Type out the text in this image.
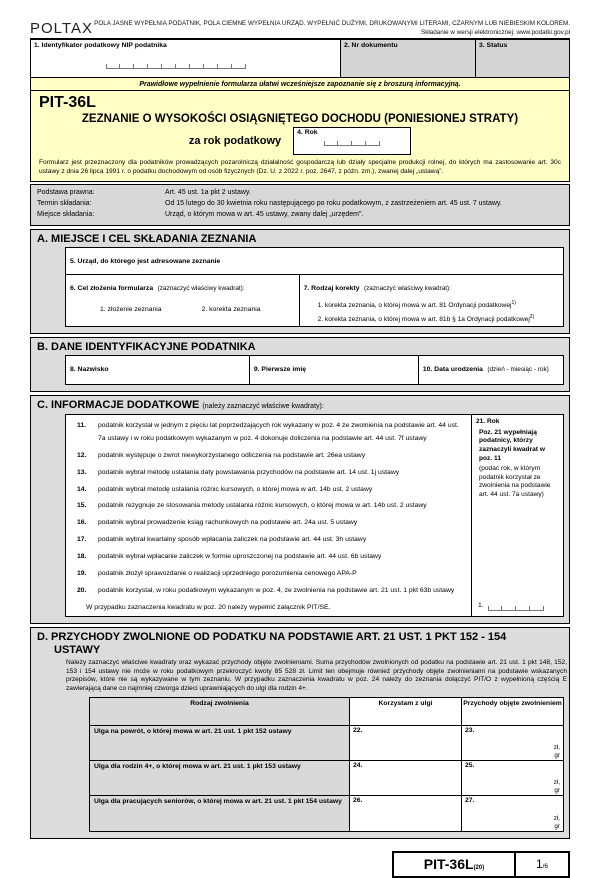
POLTAX POLA JASNE WYPEŁNIA PODATNIK, POLA CIEMNE WYPEŁNIA URZĄD. WYPEŁNIĆ DUŻYMI, DRUKOWANYMI LITERAMI, CZARNYM LUB NIEBIESKIM KOLOREM.
Składanie w wersji elektronicznej: www.podatki.gov.pl
1. Identyfikator podatkowy NIP podatnika	2. Nr dokumentu	3. Status
Prawidłowe wypełnienie formularza ułatwi wcześniejsze zapoznanie się z broszurą informacyjną.
PIT-36L
ZEZNANIE O WYSOKOŚCI OSIĄGNIĘTEGO DOCHODU (PONIESIONEJ STRATY)
za rok podatkowy
4. Rok
Formularz jest przeznaczony dla podatników prowadzących pozarolniczą działalność gospodarczą lub działy specjalne produkcji rolnej, do których ma zastosowanie art. 30c ustawy z dnia 26 lipca 1991 r. o podatku dochodowym od osób fizycznych (Dz. U. z 2022 r. poz. 2647, z późn. zm.), zwanej dalej „ustawą”.
Podstawa prawna:	Art. 45 ust. 1a pkt 2 ustawy.
Termin składania:	Od 15 lutego do 30 kwietnia roku następującego po roku podatkowym, z zastrzeżeniem art. 45 ust. 7 ustawy.
Miejsce składania:	Urząd, o którym mowa w art. 45 ustawy, zwany dalej „urzędem”.
A. MIEJSCE I CEL SKŁADANIA ZEZNANIA
5. Urząd, do którego jest adresowane zeznanie
6. Cel złożenia formularza (zaznaczyć właściwy kwadrat):
1. złożenie zeznania	2. korekta zeznania
7. Rodzaj korekty (zaznaczyć właściwy kwadrat):
1. korekta zeznania, o której mowa w art. 81 Ordynacji podatkowej$^{1)}$
2. korekta zeznania, o której mowa w art. 81b § 1a Ordynacji podatkowej$^{2)}$
B. DANE IDENTYFIKACYJNE PODATNIKA
8. Nazwisko	9. Pierwsze imię	10. Data urodzenia (dzień - miesiąc - rok)
C. INFORMACJE DODATKOWE (należy zaznaczyć właściwe kwadraty):
11.	podatnik korzystał w jednym z pięciu lat poprzedzających rok wykazany w poz. 4 ze zwolnienia na podstawie art. 44 ust. 7a ustawy i w roku podatkowym wykazanym w poz. 4 dokonuje doliczenia na podstawie art. 44 ust. 7f ustawy
12.	podatnik występuje o zwrot niewykorzystanego odliczenia na podstawie art. 26ea ustawy
13.	podatnik wybrał metodę ustalania daty powstawania przychodów na podstawie art. 14 ust. 1j ustawy
14.	podatnik wybrał metodę ustalania różnic kursowych, o której mowa w art. 14b ust. 2 ustawy
15.	podatnik rezygnuje ze stosowania metody ustalania różnic kursowych, o której mowa w art. 14b ust. 2 ustawy
16.	podatnik wybrał prowadzenie ksiąg rachunkowych na podstawie art. 24a ust. 5 ustawy
17.	podatnik wybrał kwartalny sposób wpłacania zaliczek na podstawie art. 44 ust. 3h ustawy
18.	podatnik wybrał wpłacanie zaliczek w formie uproszczonej na podstawie art. 44 ust. 6b ustawy
19.	podatnik złożył sprawozdanie o realizacji uprzedniego porozumienia cenowego APA-P
20.	podatnik korzystał, w roku podatkowym wykazanym w poz. 4, ze zwolnienia na podstawie art. 21 ust. 1 pkt 63b ustawy
W przypadku zaznaczenia kwadratu w poz. 20 należy wypełnić załącznik PIT/SE.
21. Rok
Poz. 21 wypełniają podatnicy, którzy zaznaczyli kwadrat w poz. 11
(podać rok, w którym podatnik korzystał ze zwolnienia na podstawie art. 44 ust. 7a ustawy)
1.
D. PRZYCHODY ZWOLNIONE OD PODATKU NA PODSTAWIE ART. 21 UST. 1 PKT 152 - 154
USTAWY
Należy zaznaczyć właściwe kwadraty oraz wykazać przychody objęte zwolnieniami. Suma przychodów zwolnionych od podatku na podstawie art. 21 ust. 1 pkt 148, 152, 153 i 154 ustawy nie może w roku podatkowym przekroczyć kwoty 85 528 zł. Limit ten obejmuje również przychody objęte zwolnieniami na podstawie wskazanych przepisów, które nie są wykazywane w tym zeznaniu. W przypadku zaznaczenia kwadratu w poz. 24 należy do zeznania dołączyć PIT/O z wypełnioną częścią E zawierającą dane co najmniej czworga dzieci uprawniających do ulgi dla rodzin 4+.
Rodzaj zwolnienia	Korzystam z ulgi	Przychody objęte zwolnieniem
Ulga na powrót, o której mowa w art. 21 ust. 1 pkt 152 ustawy	22.	23.
zł,
gr
Ulga dla rodzin 4+, o której mowa w art. 21 ust. 1 pkt 153 ustawy	24.	25.
zł,
gr
Ulga dla pracujących seniorów, o której mowa w art. 21 ust. 1 pkt 154 ustawy	26.	27.
zł,
gr
PIT-36L(20)	1/6
